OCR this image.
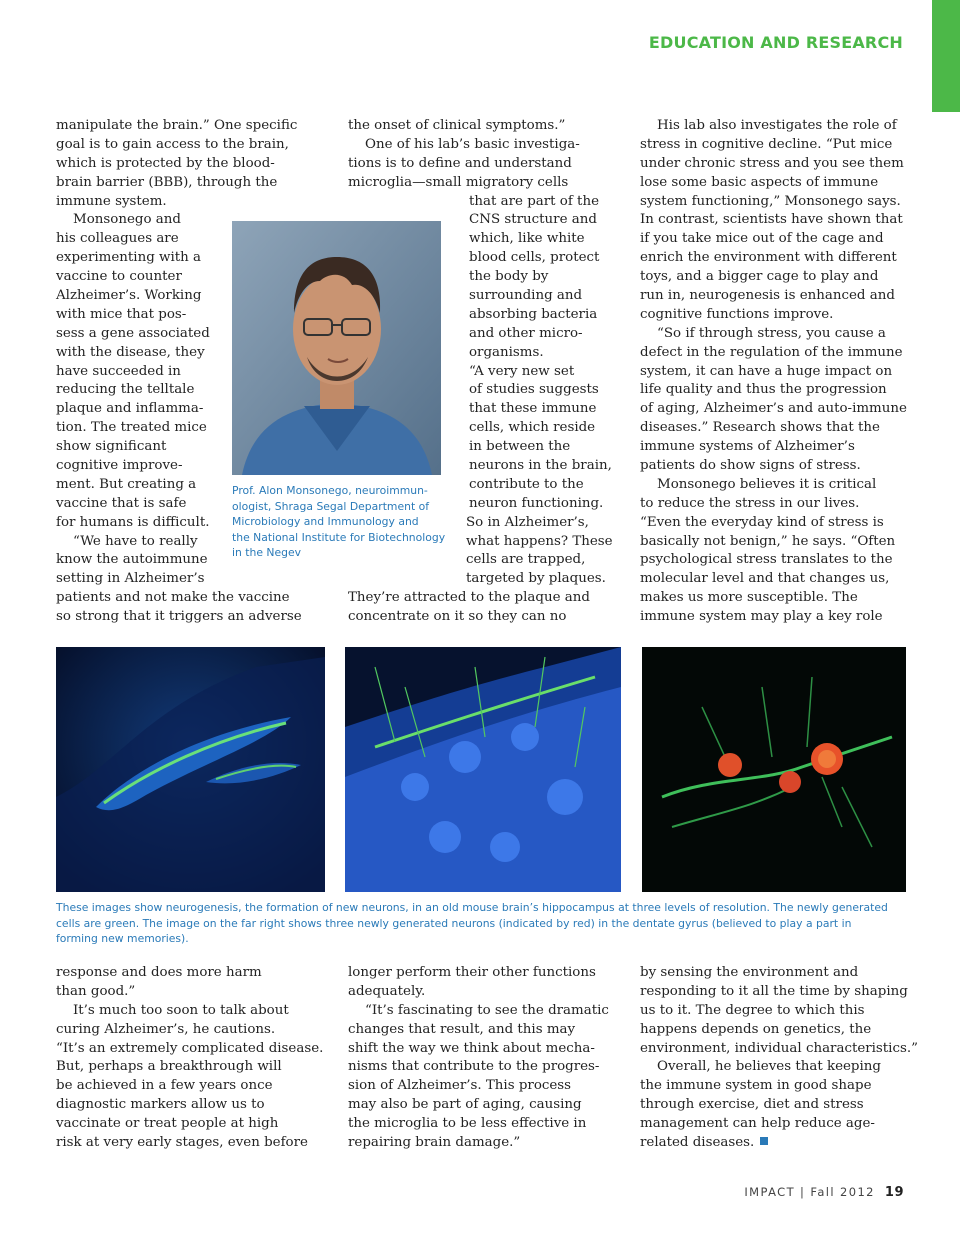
EDUCATION AND RESEARCH
manipulate the brain.” One specific
goal is to gain access to the brain,
which is protected by the blood-
brain barrier (BBB), through the
immune system.
Monsonego and
his colleagues are
experimenting with a
vaccine to counter
Alzheimer’s. Working
with mice that pos-
sess a gene associated
with the disease, they
have succeeded in
reducing the telltale
plaque and inflamma-
tion. The treated mice
show significant
cognitive improve-
ment. But creating a
vaccine that is safe
for humans is difficult.
“We have to really
know the autoimmune
setting in Alzheimer’s
patients and not make the vaccine
so strong that it triggers an adverse
the onset of clinical symptoms.”
One of his lab’s basic investiga-
tions is to define and understand
microglia—small migratory cells
that are part of the
CNS structure and
which, like white
blood cells, protect
the body by
surrounding and
absorbing bacteria
and other micro-
organisms.
“A very new set
of studies suggests
that these immune
cells, which reside
in between the
neurons in the brain,
contribute to the
neuron functioning.
So in Alzheimer’s,
what happens? These
cells are trapped,
targeted by plaques.
They’re attracted to the plaque and
concentrate on it so they can no
His lab also investigates the role of
stress in cognitive decline. “Put mice
under chronic stress and you see them
lose some basic aspects of immune
system functioning,” Monsonego says.
In contrast, scientists have shown that
if you take mice out of the cage and
enrich the environment with different
toys, and a bigger cage to play and
run in, neurogenesis is enhanced and
cognitive functions improve.
“So if through stress, you cause a
defect in the regulation of the immune
system, it can have a huge impact on
life quality and thus the progression
of aging, Alzheimer’s and auto-immune
diseases.” Research shows that the
immune systems of Alzheimer’s
patients do show signs of stress.
Monsonego believes it is critical
to reduce the stress in our lives.
“Even the everyday kind of stress is
basically not benign,” he says. “Often
psychological stress translates to the
molecular level and that changes us,
makes us more susceptible. The
immune system may play a key role
Prof. Alon Monsonego, neuroimmun-
ologist, Shraga Segal Department of
Microbiology and Immunology and
the National Institute for Biotechnology
in the Negev
These images show neurogenesis, the formation of new neurons, in an old mouse brain’s hippocampus at three levels of resolution. The newly generated
cells are green. The image on the far right shows three newly generated neurons (indicated by red) in the dentate gyrus (believed to play a part in
forming new memories).
response and does more harm
than good.”
It’s much too soon to talk about
curing Alzheimer’s, he cautions.
“It’s an extremely complicated disease.
But, perhaps a breakthrough will
be achieved in a few years once
diagnostic markers allow us to
vaccinate or treat people at high
risk at very early stages, even before
longer perform their other functions
adequately.
“It’s fascinating to see the dramatic
changes that result, and this may
shift the way we think about mecha-
nisms that contribute to the progres-
sion of Alzheimer’s. This process
may also be part of aging, causing
the microglia to be less effective in
repairing brain damage.”
by sensing the environment and
responding to it all the time by shaping
us to it. The degree to which this
happens depends on genetics, the
environment, individual characteristics.”
Overall, he believes that keeping
the immune system in good shape
through exercise, diet and stress
management can help reduce age-
related diseases.
IMPACT | Fall 2012 19
